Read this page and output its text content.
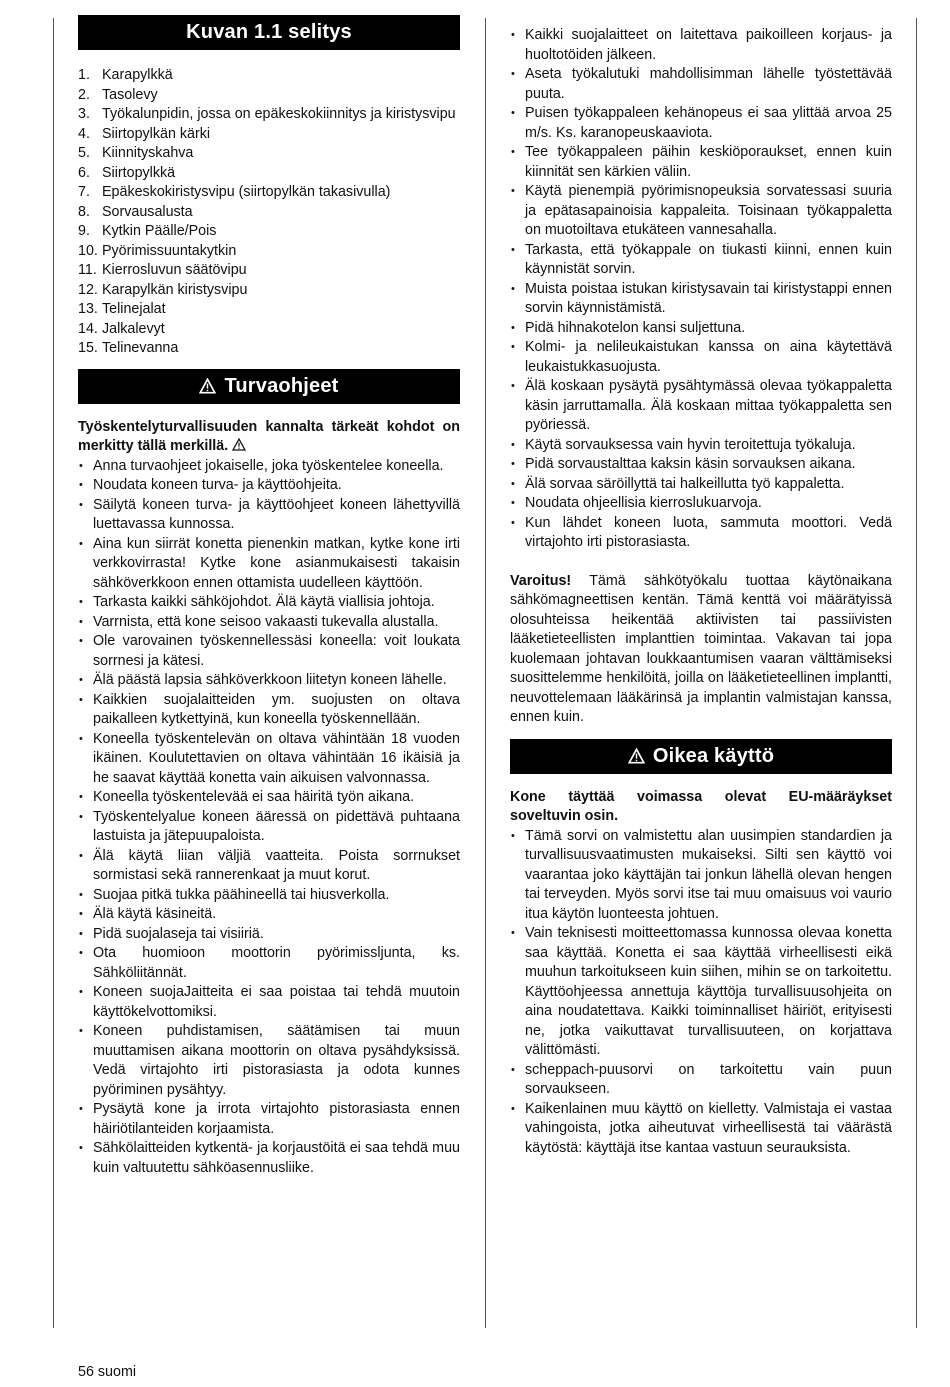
Kuvan 1.1 selitys
1. Karapylkkä
2. Tasolevy
3. Työkalunpidin, jossa on epäkeskokiinnitys ja kiristysvipu
4. Siirtopylkän kärki
5. Kiinnityskahva
6. Siirtopylkkä
7. Epäkeskokiristysvipu (siirtopylkän takasivulla)
8. Sorvausalusta
9. Kytkin Päälle/Pois
10. Pyörimissuuntakytkin
11. Kierrosluvun säätövipu
12. Karapylkän kiristysvipu
13. Telinejalat
14. Jalkalevyt
15. Telinevanna
Turvaohjeet

Työskentelyturvallisuuden kannalta tärkeät kohdot on merkitty tällä merkillä.

• Anna turvaohjeet jokaiselle, joka työskentelee koneella.
• Noudata koneen turva- ja käyttöohjeita.
• Säilytä koneen turva- ja käyttöohjeet koneen lähettyvillä luettavassa kunnossa.
• Aina kun siirrät konetta pienenkin matkan, kytke kone irti verkkovirrasta! Kytke kone asianmukaisesti takaisin sähköverkkoon ennen ottamista uudelleen käyttöön.
• Tarkasta kaikki sähköjohdot. Älä käytä viallisia johtoja.
• Varrnista, että kone seisoo vakaasti tukevalla alustalla.
• Ole varovainen työskennellessäsi koneella: voit loukata sorrnesi ja kätesi.
• Älä päästä lapsia sähköverkkoon liitetyn koneen lähelle.
• Kaikkien suojalaitteiden ym. suojusten on oltava paikalleen kytkettyinä, kun koneella työskennellään.
• Koneella työskentelevän on oltava vähintään 18 vuoden ikäinen. Koulutettavien on oltava vähintään 16 ikäisiä ja he saavat käyttää konetta vain aikuisen valvonnassa.
• Koneella työskentelevää ei saa häiritä työn aikana.
• Työskentelyalue koneen ääressä on pidettävä puhtaana lastuista ja jätepuupaloista.
• Älä käytä liian väljiä vaatteita. Poista sorrnukset sormistasi sekä rannerenkaat ja muut korut.
• Suojaa pitkä tukka päähineellä tai hiusverkolla.
• Älä käytä käsineitä.
• Pidä suojalaseja tai visiiriä.
• Ota huomioon moottorin pyörimissljunta, ks. Sähköliitännät.
• Koneen suojaJaitteita ei saa poistaa tai tehdä muutoin käyttökelvottomiksi.
• Koneen puhdistamisen, säätämisen tai muun muuttamisen aikana moottorin on oltava pysähdyksissä. Vedä virtajohto irti pistorasiasta ja odota kunnes pyöriminen pysähtyy.
• Pysäytä kone ja irrota virtajohto pistorasiasta ennen häiriötilanteiden korjaamista.
• Sähkölaitteiden kytkentä- ja korjaustöitä ei saa tehdä muu kuin valtuutettu sähköasennusliike.
• Kaikki suojalaitteet on laitettava paikoilleen korjaus- ja huoltotöiden jälkeen.
• Aseta työkalutuki mahdollisimman lähelle työstettävää puuta.
• Puisen työkappaleen kehänopeus ei saa ylittää arvoa 25 m/s. Ks. karanopeuskaaviota.
• Tee työkappaleen päihin keskiöporaukset, ennen kuin kiinnität sen kärkien väliin.
• Käytä pienempiä pyörimisnopeuksia sorvatessasi suuria ja epätasapainoisia kappaleita. Toisinaan työkappaletta on muotoiltava etukäteen vannesahalla.
• Tarkasta, että työkappale on tiukasti kiinni, ennen kuin käynnistät sorvin.
• Muista poistaa istukan kiristysavain tai kiristystappi ennen sorvin käynnistämistä.
• Pidä hihnakotelon kansi suljettuna.
• Kolmi- ja nelileukaistukan kanssa on aina käytettävä leukaistukkasuojusta.
• Älä koskaan pysäytä pysähtymässä olevaa työkappaletta käsin jarruttamalla. Älä koskaan mittaa työkappaletta sen pyöriessä.
• Käytä sorvauksessa vain hyvin teroitettuja työkaluja.
• Pidä sorvaustalttaa kaksin käsin sorvauksen aikana.
• Älä sorvaa säröillyttä tai halkeillutta työ kappaletta.
• Noudata ohjeellisia kierroslukuarvoja.
• Kun lähdet koneen luota, sammuta moottori. Vedä virtajohto irti pistorasiasta.

Varoitus! Tämä sähkötyökalu tuottaa käytönaikana sähkömagneettisen kentän. Tämä kenttä voi määrätyissä olosuhteissa heikentää aktiivisten tai passiivisten lääketieteellisten implanttien toimintaa. Vakavan tai jopa kuolemaan johtavan loukkaantumisen vaaran välttämiseksi suosittelemme henkilöitä, joilla on lääketieteellinen implantti, neuvottelemaan lääkärinsä ja implantin valmistajan kanssa, ennen kuin.

Oikea käyttö

Kone täyttää voimassa olevat EU-määräykset soveltuvin osin.

• Tämä sorvi on valmistettu alan uusimpien standardien ja turvallisuusvaatimusten mukaiseksi. Silti sen käyttö voi vaarantaa joko käyttäjän tai jonkun lähellä olevan hengen tai terveyden. Myös sorvi itse tai muu omaisuus voi vaurio itua käytön luonteesta johtuen.
• Vain teknisesti moitteettomassa kunnossa olevaa konetta saa käyttää. Konetta ei saa käyttää virheellisesti eikä muuhun tarkoitukseen kuin siihen, mihin se on tarkoitettu. Käyttöohjeessa annettuja käyttöja turvallisuusohjeita on aina noudatettava. Kaikki toiminnalliset häiriöt, erityisesti ne, jotka vaikuttavat turvallisuuteen, on korjattava välittömästi.
• scheppach-puusorvi on tarkoitettu vain puun sorvaukseen.
• Kaikenlainen muu käyttö on kielletty. Valmistaja ei vastaa vahingoista, jotka aiheutuvat virheellisestä tai väärästä käytöstä: käyttäjä itse kantaa vastuun seurauksista.
56 suomi
